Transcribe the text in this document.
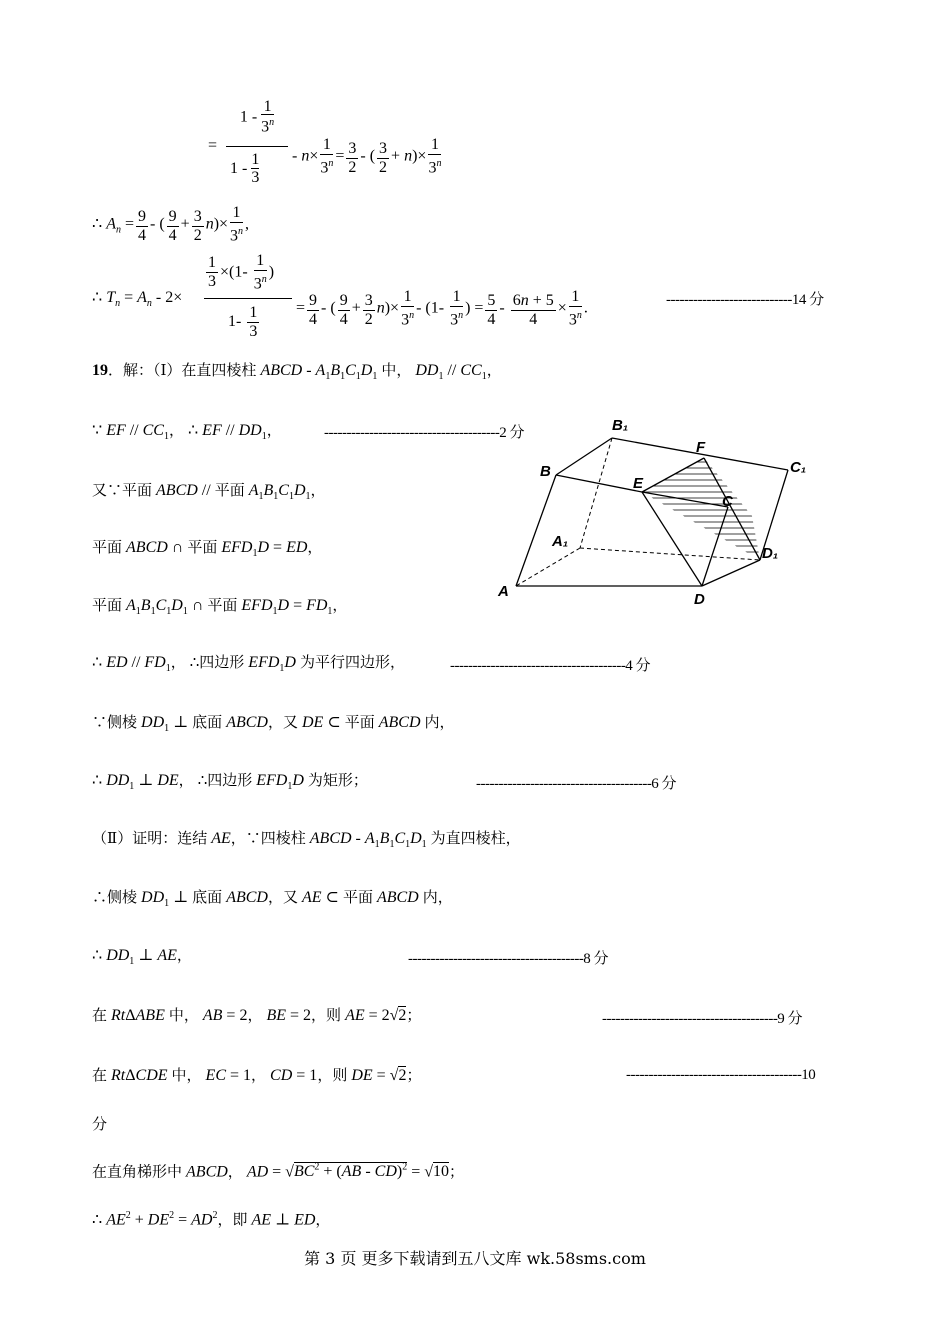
=
$1 - \frac{1}{3^n}$
$1 - \frac{1}{3} - n\times \frac{1}{3^n} = \frac{3}{2}$ - ( $\frac{3}{2} + n)\times \frac{1}{3^n}$
∴ $A_n = \frac{9}{4}$ - ( $\frac{9}{4} + \frac{3}{2} n)\times \frac{1}{3^n}$ ,
∴ $T_n = A_n - 2\times$
$\frac{1}{3} \times(1- \frac{1}{3^n}$ )
$1- \frac{1}{3} = \frac{9}{4}$ - ( $\frac{9}{4} + \frac{3}{2} n)\times \frac{1}{3^n} - (1- \frac{1}{3^n}$ ) = $\frac{5}{4} - \frac{6n + 5}{4} \times \frac{1}{3^n}$ .	----------------------------14 分
19．解：（Ⅰ）在直四棱柱 ABCD - $A_1B_1C_1D_1$ 中， $DD_1 // CC_1$，
∵ EF // $CC_1$， ∴ EF // $DD_1$，	---------------------------------------2 分
又∵平面 ABCD // 平面 $A_1B_1C_1D_1$，
平面 ABCD ∩ 平面 $EFD_1D$ = ED，
平面 $A_1B_1C_1D_1$ ∩ 平面 $EFD_1D = FD_1$，
B₁
F
C₁
B
E
C
A₁
D₁
A	D
∴ ED // $FD_1$， ∴四边形 $EFD_1D$ 为平行四边形，	---------------------------------------4 分
∵侧棱 $DD_1$ ⊥ 底面 ABCD，又 DE ⊂ 平面 ABCD 内，
∴ $DD_1$ ⊥ DE， ∴四边形 $EFD_1D$ 为矩形；	---------------------------------------6 分
（Ⅱ）证明：连结 AE，∵四棱柱 ABCD - $A_1B_1C_1D_1$ 为直四棱柱，
∴侧棱 $DD_1$ ⊥ 底面 ABCD，又 AE ⊂ 平面 ABCD 内，
∴ $DD_1$ ⊥ AE，	---------------------------------------8 分
在 RtΔABE 中， AB = 2， BE = 2，则 AE = 2√2；	---------------------------------------9 分
在 RtΔCDE 中， EC = 1， CD = 1，则 DE = √2；	---------------------------------------10
分
在直角梯形中 ABCD， AD = $√BC^2 + (AB - CD)^2 = √10$；
∴ $AE^2 + DE^2 = AD^2$，即 AE ⊥ ED，
第 3 页 更多下载请到五八文库 wk.58sms.com
